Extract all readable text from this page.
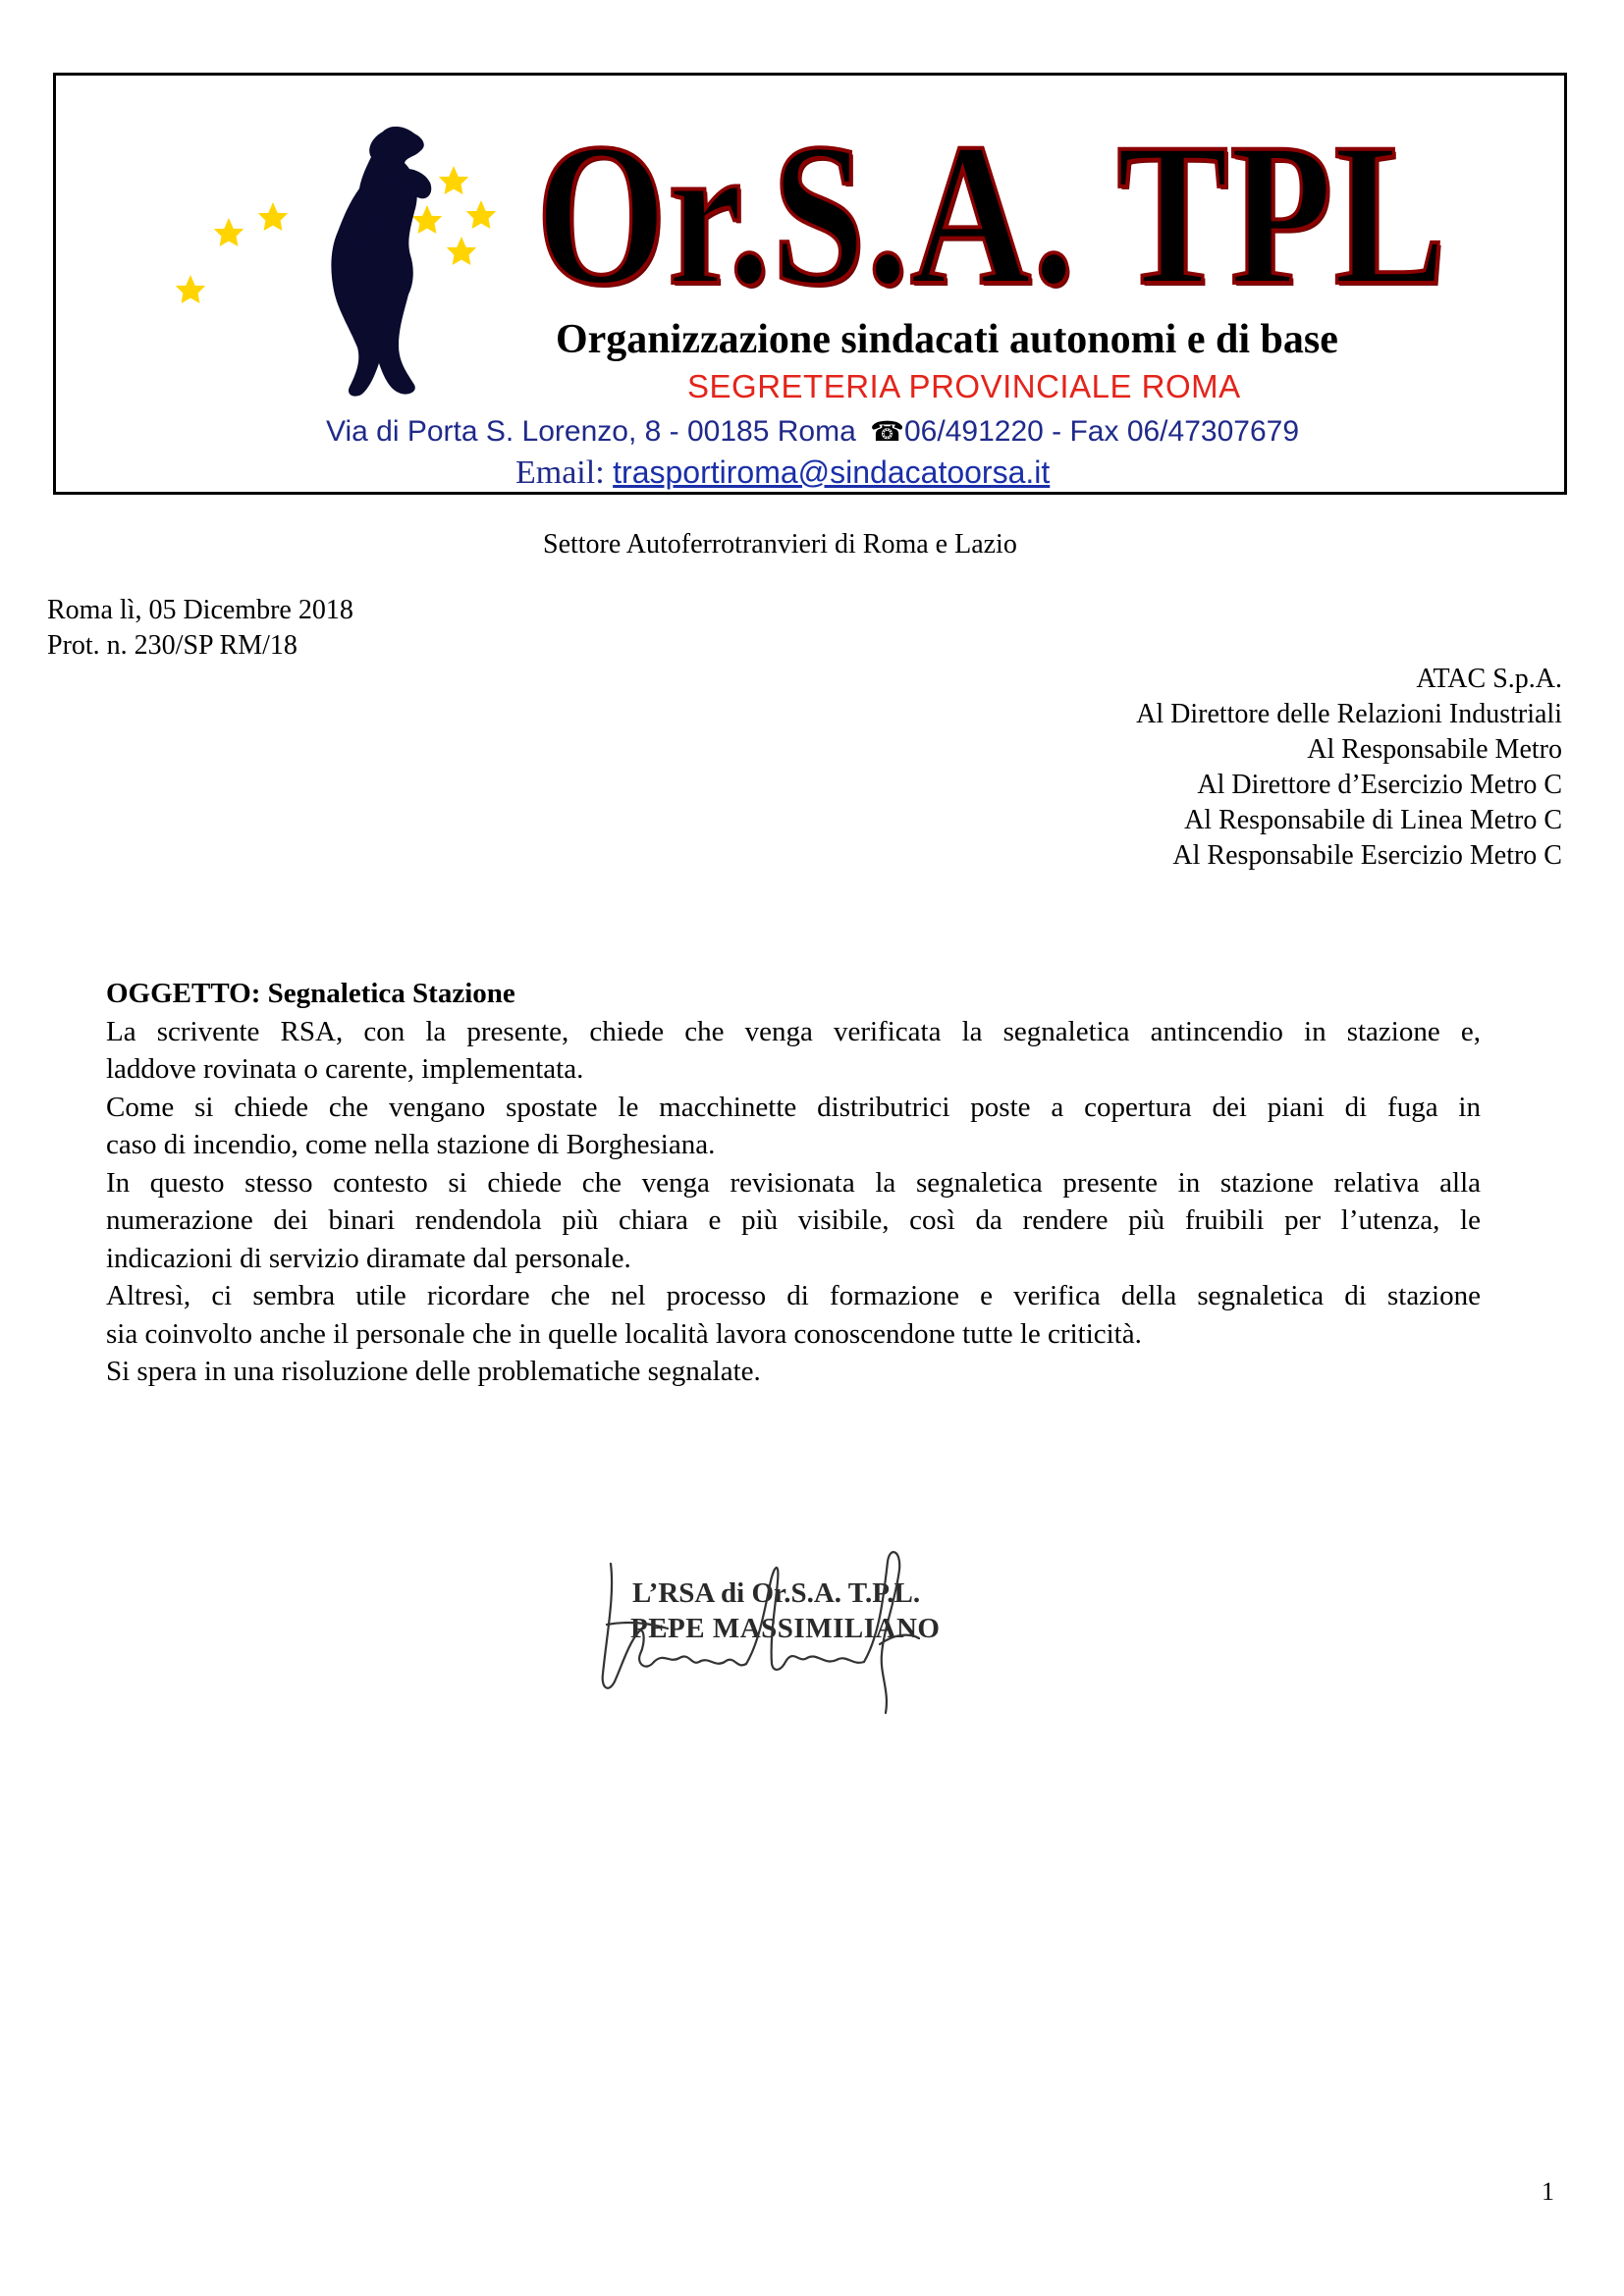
Or.S.A. TPL
Organizzazione sindacati autonomi e di base
SEGRETERIA PROVINCIALE ROMA
Via di Porta S. Lorenzo, 8 - 00185 Roma ☎06/491220 - Fax 06/47307679
Email: trasportiroma@sindacatoorsa.it
Settore Autoferrotranvieri di Roma e Lazio
Roma lì, 05 Dicembre 2018
Prot. n. 230/SP RM/18
ATAC S.p.A.
Al Direttore delle Relazioni Industriali
Al Responsabile Metro
Al Direttore d’Esercizio Metro C
Al Responsabile di Linea Metro C
Al Responsabile Esercizio Metro C
OGGETTO: Segnaletica Stazione
La scrivente RSA, con la presente, chiede che venga verificata la segnaletica antincendio in stazione e,
laddove rovinata o carente, implementata.
Come si chiede che vengano spostate le macchinette distributrici poste a copertura dei piani di fuga in
caso di incendio, come nella stazione di Borghesiana.
In questo stesso contesto si chiede che venga revisionata la segnaletica presente in stazione relativa alla
numerazione dei binari rendendola più chiara e più visibile, così da rendere più fruibili per l’utenza, le
indicazioni di servizio diramate dal personale.
Altresì, ci sembra utile ricordare che nel processo di formazione e verifica della segnaletica di stazione
sia coinvolto anche il personale che in quelle località lavora conoscendone tutte le criticità.
Si spera in una risoluzione delle problematiche segnalate.
L’RSA di Or.S.A. T.P.L.
PEPE MASSIMILIANO
1
